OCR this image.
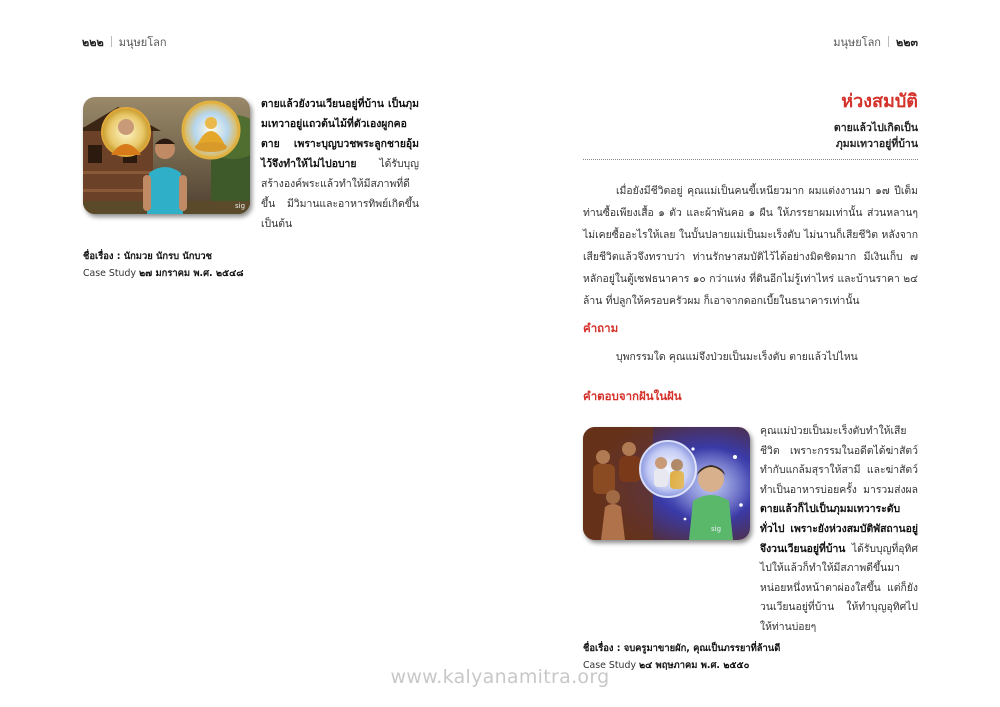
๒๒๒ มนุษยโลก
sig
ตายแล้วยังวนเวียนอยู่ที่บ้าน เป็นภุมมเทวาอยู่แถวต้นไม้ที่ตัวเองผูกคอตาย เพราะบุญบวชพระลูกชายอุ้มไว้จึงทำให้ไม่ไปอบาย ได้รับบุญสร้างองค์พระแล้วทำให้มีสภาพที่ดีขึ้น มีวิมานและอาหารทิพย์เกิดขึ้น เป็นต้น
ชื่อเรื่อง : นักมวย นักรบ นักบวช
Case Study ๒๗ มกราคม พ.ศ. ๒๕๔๘
มนุษยโลก ๒๒๓
ห่วงสมบัติ
ตายแล้วไปเกิดเป็น
ภุมมเทวาอยู่ที่บ้าน
เมื่อยังมีชีวิตอยู่ คุณแม่เป็นคนขี้เหนียวมาก ผมแต่งงานมา ๑๗ ปีเต็ม ท่านซื้อเพียงเสื้อ ๑ ตัว และผ้าพันคอ ๑ ผืน ให้ภรรยาผมเท่านั้น ส่วนหลานๆ ไม่เคยซื้ออะไรให้เลย ในบั้นปลายแม่เป็นมะเร็งตับ ไม่นานก็เสียชีวิต หลังจากเสียชีวิตแล้วจึงทราบว่า ท่านรักษาสมบัติไว้ได้อย่างมิดชิดมาก มีเงินเก็บ ๗ หลักอยู่ในตู้เซฟธนาคาร ๑๐ กว่าแห่ง ที่ดินอีกไม่รู้เท่าไหร่ และบ้านราคา ๒๔ ล้าน ที่ปลูกให้ครอบครัวผม ก็เอาจากดอกเบี้ยในธนาคารเท่านั้น
คำถาม
บุพกรรมใด คุณแม่จึงป่วยเป็นมะเร็งตับ ตายแล้วไปไหน
คำตอบจากฝันในฝัน
sig
คุณแม่ป่วยเป็นมะเร็งตับทำให้เสียชีวิต เพราะกรรมในอดีตได้ฆ่าสัตว์ทำกับแกล้มสุราให้สามี และฆ่าสัตว์ทำเป็นอาหารบ่อยครั้ง มารวมส่งผล ตายแล้วก็ไปเป็นภุมมเทวาระดับทั่วไป เพราะยังห่วงสมบัติพัสถานอยู่ จึงวนเวียนอยู่ที่บ้าน ได้รับบุญที่อุทิศไปให้แล้วก็ทำให้มีสภาพดีขึ้นมาหน่อยหนึ่งหน้าตาผ่องใสขึ้น แต่ก็ยังวนเวียนอยู่ที่บ้าน ให้ทำบุญอุทิศไปให้ท่านบ่อยๆ
ชื่อเรื่อง : จบครูมาขายผัก, คุณเป็นภรรยาที่ล้านดี
Case Study ๒๔ พฤษภาคม พ.ศ. ๒๕๕๐
www.kalyanamitra.org
